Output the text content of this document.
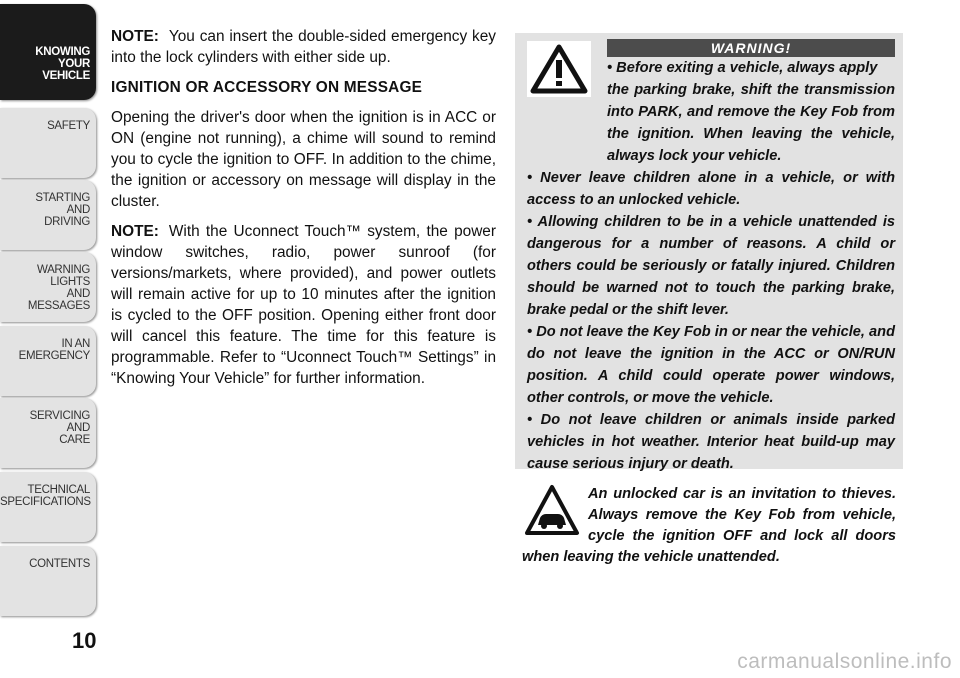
KNOWING
YOUR
VEHICLE
SAFETY
STARTING
AND
DRIVING
WARNING
LIGHTS
AND
MESSAGES
IN AN
EMERGENCY
SERVICING
AND
CARE
TECHNICAL
SPECIFICATIONS
CONTENTS
10

NOTE: You can insert the double-sided emergency key into the lock cylinders with either side up.

IGNITION OR ACCESSORY ON MESSAGE

Opening the driver's door when the ignition is in ACC or ON (engine not running), a chime will sound to remind you to cycle the ignition to OFF. In addition to the chime, the ignition or accessory on message will display in the cluster.

NOTE: With the Uconnect Touch™ system, the power window switches, radio, power sunroof (for versions/markets, where provided), and power outlets will remain active for up to 10 minutes after the ignition is cycled to the OFF position. Opening either front door will cancel this feature. The time for this feature is programmable. Refer to “Uconnect Touch™ Settings” in “Knowing Your Vehicle” for further information.

WARNING!

• Before exiting a vehicle, always apply
the parking brake, shift the transmission into PARK, and remove the Key Fob from the ignition. When leaving the vehicle, always lock your vehicle.

• Never leave children alone in a vehicle, or with access to an unlocked vehicle.

• Allowing children to be in a vehicle unattended is dangerous for a number of reasons. A child or others could be seriously or fatally injured. Children should be warned not to touch the parking brake, brake pedal or the shift lever.

• Do not leave the Key Fob in or near the vehicle, and do not leave the ignition in the ACC or ON/RUN position. A child could operate power windows, other controls, or move the vehicle.

• Do not leave children or animals inside parked vehicles in hot weather. Interior heat build-up may cause serious injury or death.

An unlocked car is an invitation to thieves. Always remove the Key Fob from vehicle, cycle the ignition OFF and lock all doors when leaving the vehicle unattended.
carmanualsonline.info
